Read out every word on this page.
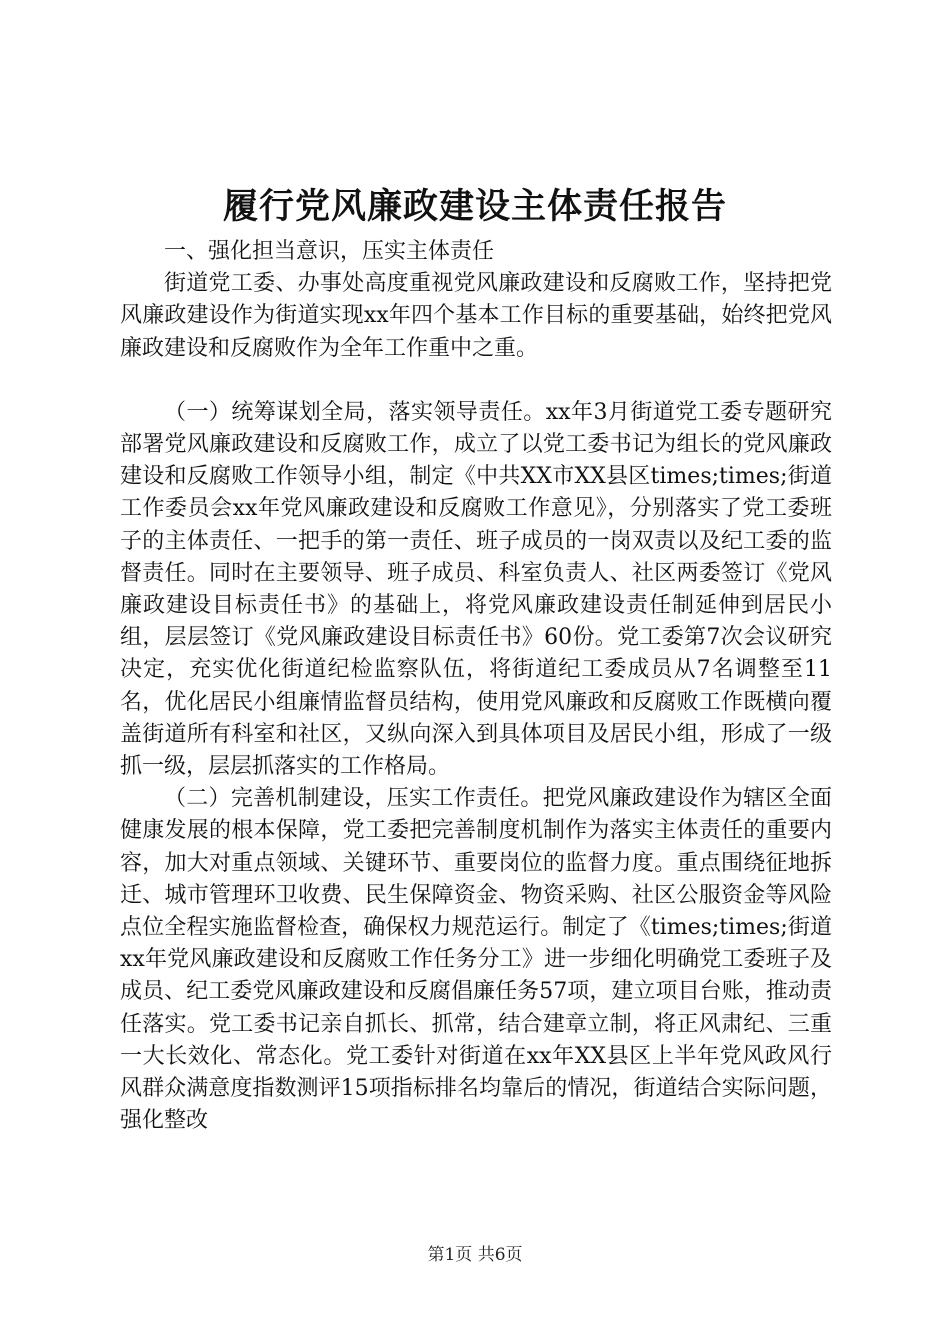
履行党风廉政建设主体责任报告

一、强化担当意识，压实主体责任

街道党工委、办事处高度重视党风廉政建设和反腐败工作，坚持把党风廉政建设作为街道实现xx年四个基本工作目标的重要基础，始终把党风廉政建设和反腐败作为全年工作重中之重。

（一）统筹谋划全局，落实领导责任。xx年3月街道党工委专题研究部署党风廉政建设和反腐败工作，成立了以党工委书记为组长的党风廉政建设和反腐败工作领导小组，制定《中共XX市XX县区times;times;街道工作委员会xx年党风廉政建设和反腐败工作意见》，分别落实了党工委班子的主体责任、一把手的第一责任、班子成员的一岗双责以及纪工委的监督责任。同时在主要领导、班子成员、科室负责人、社区两委签订《党风廉政建设目标责任书》的基础上，将党风廉政建设责任制延伸到居民小组，层层签订《党风廉政建设目标责任书》60份。党工委第7次会议研究决定，充实优化街道纪检监察队伍，将街道纪工委成员从7名调整至11名，优化居民小组廉情监督员结构，使用党风廉政和反腐败工作既横向覆盖街道所有科室和社区，又纵向深入到具体项目及居民小组，形成了一级抓一级，层层抓落实的工作格局。

（二）完善机制建设，压实工作责任。把党风廉政建设作为辖区全面健康发展的根本保障，党工委把完善制度机制作为落实主体责任的重要内容，加大对重点领域、关键环节、重要岗位的监督力度。重点围绕征地拆迁、城市管理环卫收费、民生保障资金、物资采购、社区公服资金等风险点位全程实施监督检查，确保权力规范运行。制定了《times;times;街道xx年党风廉政建设和反腐败工作任务分工》进一步细化明确党工委班子及成员、纪工委党风廉政建设和反腐倡廉任务57项，建立项目台账，推动责任落实。党工委书记亲自抓长、抓常，结合建章立制，将正风肃纪、三重一大长效化、常态化。党工委针对街道在xx年XX县区上半年党风政风行风群众满意度指数测评15项指标排名均靠后的情况，街道结合实际问题，强化整改

第1页 共6页
